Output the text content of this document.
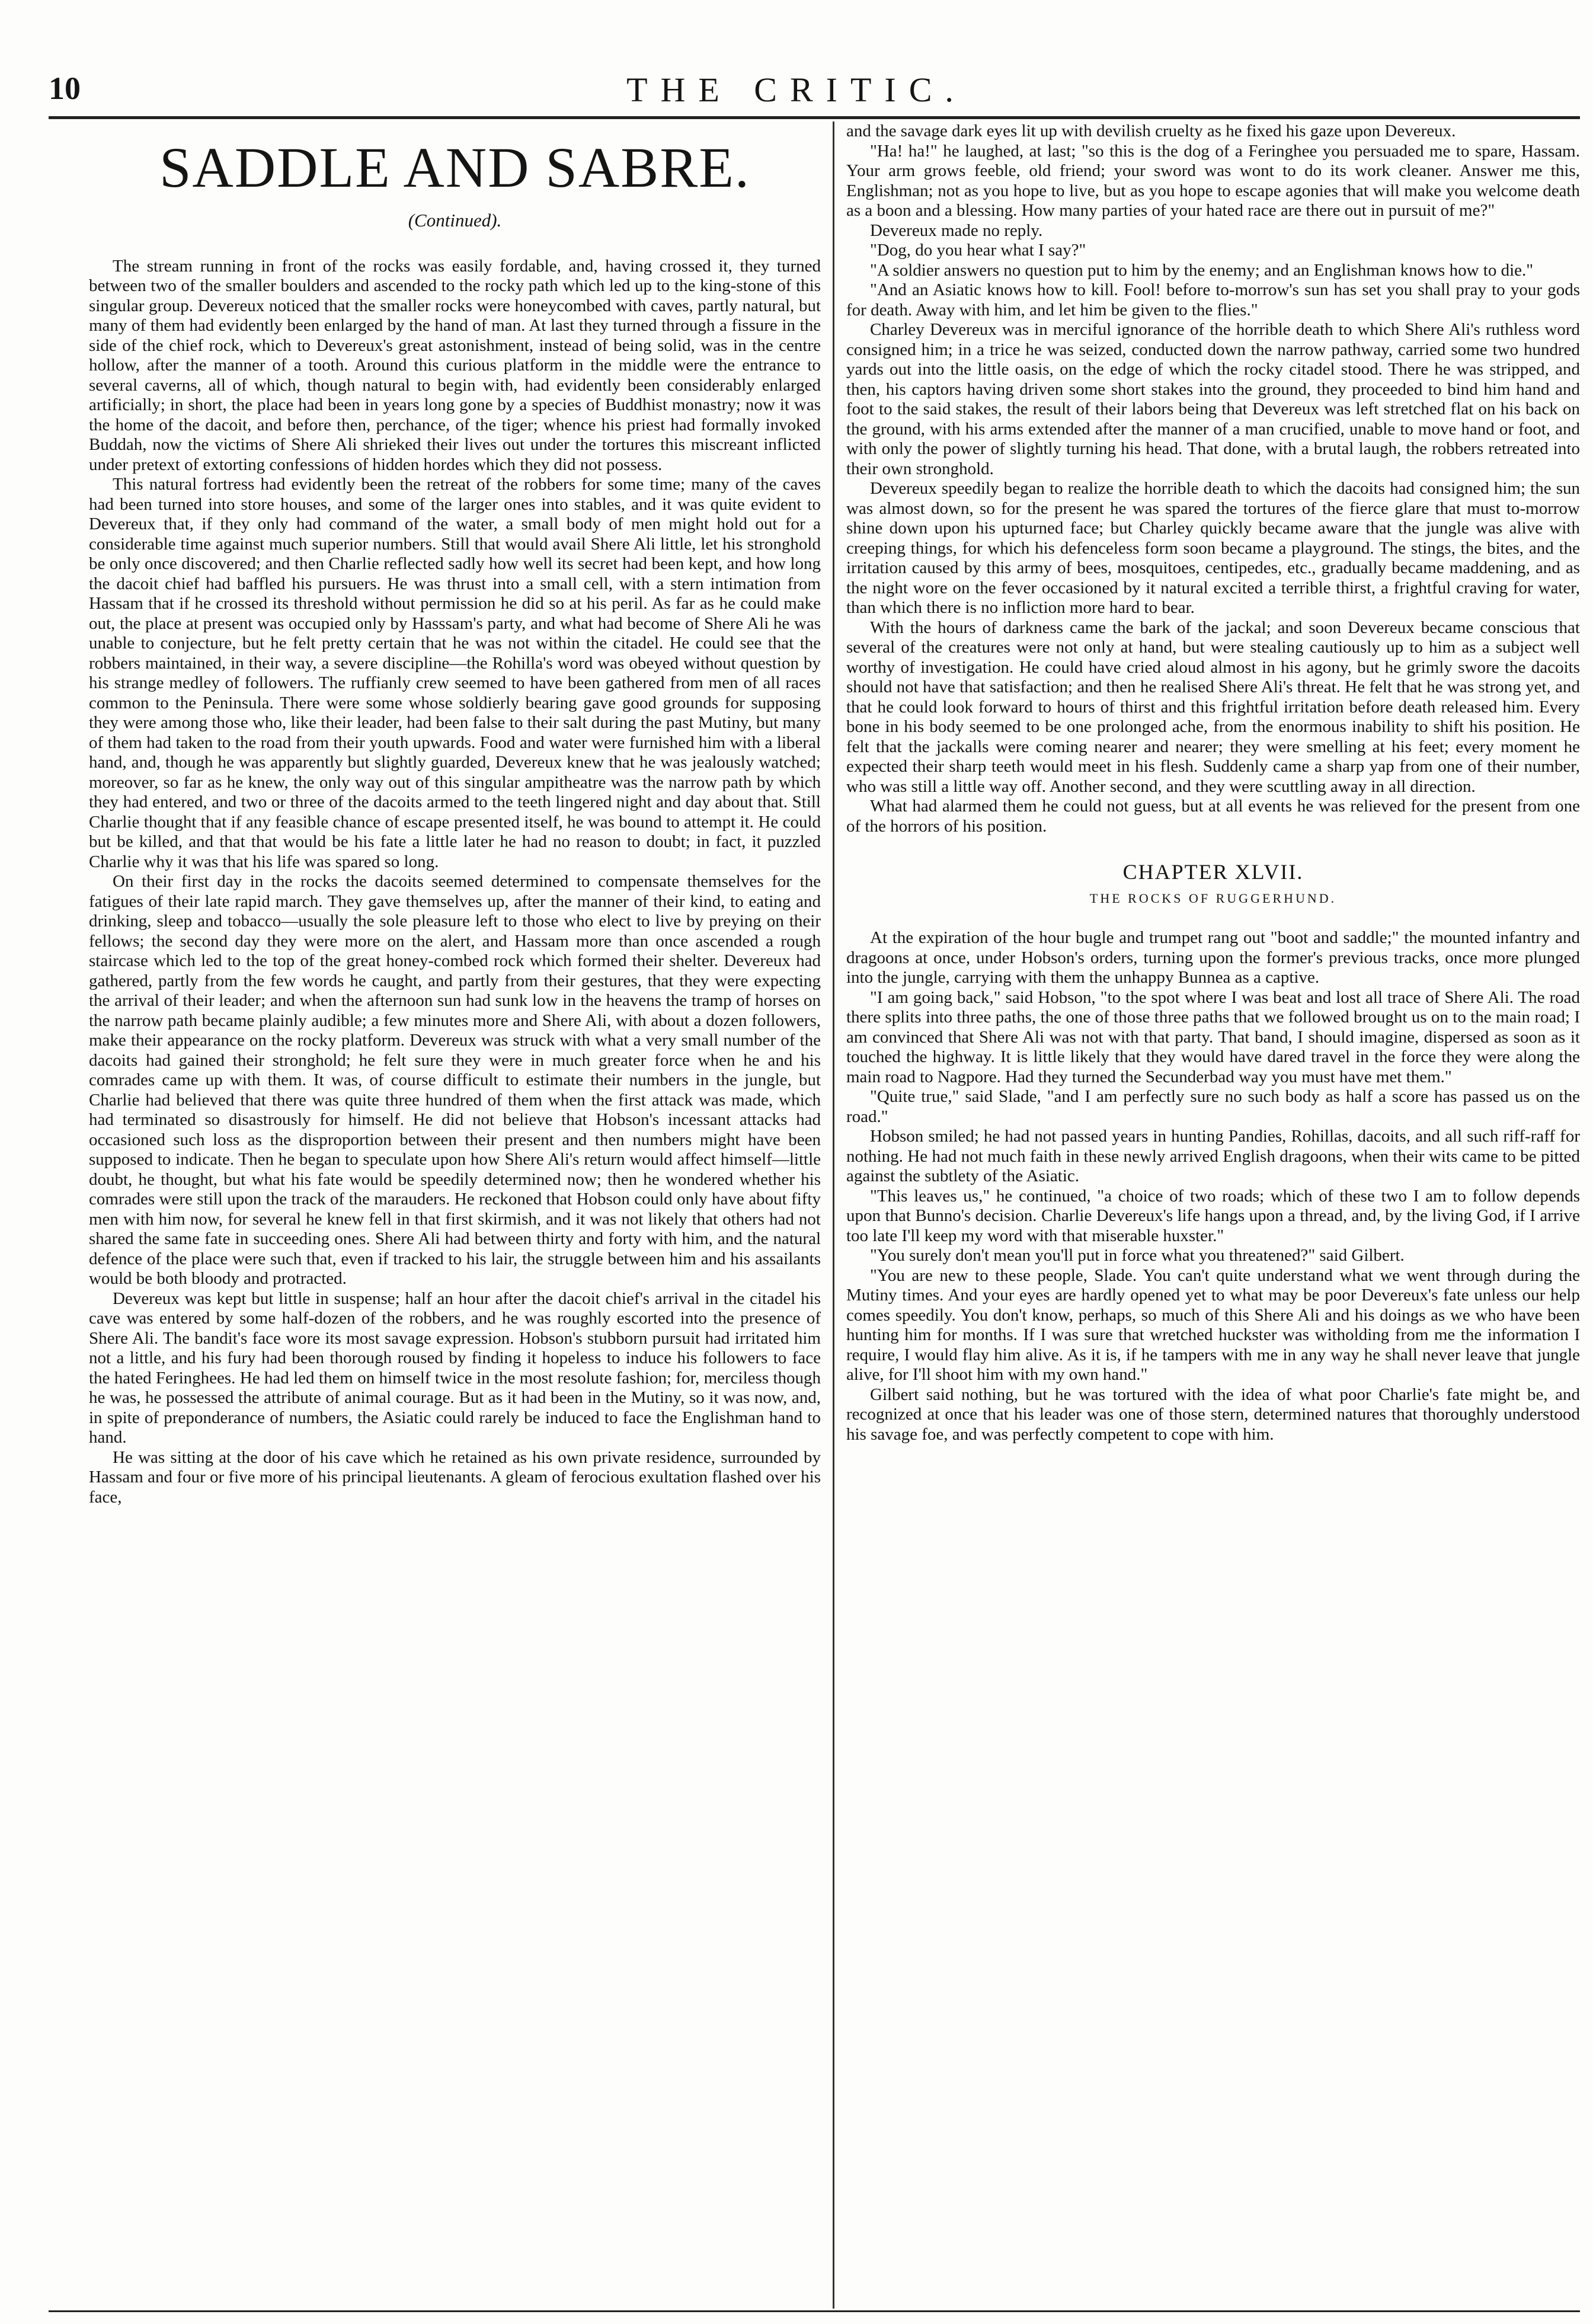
10	THE CRITIC.
SADDLE AND SABRE.
(Continued).

The stream running in front of the rocks was easily fordable, and, having crossed it, they turned between two of the smaller boulders and ascended to the rocky path which led up to the king-stone of this singular group. Devereux noticed that the smaller rocks were honeycombed with caves, partly natural, but many of them had evidently been enlarged by the hand of man. At last they turned through a fissure in the side of the chief rock, which to Devereux's great astonishment, instead of being solid, was in the centre hollow, after the manner of a tooth. Around this curious platform in the middle were the entrance to several caverns, all of which, though natural to begin with, had evidently been considerably enlarged artificially; in short, the place had been in years long gone by a species of Buddhist monastry; now it was the home of the dacoit, and before then, perchance, of the tiger; whence his priest had formally invoked Buddah, now the victims of Shere Ali shrieked their lives out under the tortures this miscreant inflicted under pretext of extorting confessions of hidden hordes which they did not possess.

This natural fortress had evidently been the retreat of the robbers for some time; many of the caves had been turned into store houses, and some of the larger ones into stables, and it was quite evident to Devereux that, if they only had command of the water, a small body of men might hold out for a considerable time against much superior numbers. Still that would avail Shere Ali little, let his stronghold be only once discovered; and then Charlie reflected sadly how well its secret had been kept, and how long the dacoit chief had baffled his pursuers. He was thrust into a small cell, with a stern intimation from Hassam that if he crossed its threshold without permission he did so at his peril. As far as he could make out, the place at present was occupied only by Hasssam's party, and what had become of Shere Ali he was unable to conjecture, but he felt pretty certain that he was not within the citadel. He could see that the robbers maintained, in their way, a severe discipline—the Rohilla's word was obeyed without question by his strange medley of followers. The ruffianly crew seemed to have been gathered from men of all races common to the Peninsula. There were some whose soldierly bearing gave good grounds for supposing they were among those who, like their leader, had been false to their salt during the past Mutiny, but many of them had taken to the road from their youth upwards. Food and water were furnished him with a liberal hand, and, though he was apparently but slightly guarded, Devereux knew that he was jealously watched; moreover, so far as he knew, the only way out of this singular ampitheatre was the narrow path by which they had entered, and two or three of the dacoits armed to the teeth lingered night and day about that. Still Charlie thought that if any feasible chance of escape presented itself, he was bound to attempt it. He could but be killed, and that that would be his fate a little later he had no reason to doubt; in fact, it puzzled Charlie why it was that his life was spared so long.

On their first day in the rocks the dacoits seemed determined to compensate themselves for the fatigues of their late rapid march. They gave themselves up, after the manner of their kind, to eating and drinking, sleep and tobacco—usually the sole pleasure left to those who elect to live by preying on their fellows; the second day they were more on the alert, and Hassam more than once ascended a rough staircase which led to the top of the great honey-combed rock which formed their shelter. Devereux had gathered, partly from the few words he caught, and partly from their gestures, that they were expecting the arrival of their leader; and when the afternoon sun had sunk low in the heavens the tramp of horses on the narrow path became plainly audible; a few minutes more and Shere Ali, with about a dozen followers, make their appearance on the rocky platform. Devereux was struck with what a very small number of the dacoits had gained their stronghold; he felt sure they were in much greater force when he and his comrades came up with them. It was, of course difficult to estimate their numbers in the jungle, but Charlie had believed that there was quite three hundred of them when the first attack was made, which had terminated so disastrously for himself. He did not believe that Hobson's incessant attacks had occasioned such loss as the disproportion between their present and then numbers might have been supposed to indicate. Then he began to speculate upon how Shere Ali's return would affect himself—little doubt, he thought, but what his fate would be speedily determined now; then he wondered whether his comrades were still upon the track of the marauders. He reckoned that Hobson could only have about fifty men with him now, for several he knew fell in that first skirmish, and it was not likely that others had not shared the same fate in succeeding ones. Shere Ali had between thirty and forty with him, and the natural defence of the place were such that, even if tracked to his lair, the struggle between him and his assailants would be both bloody and protracted.

Devereux was kept but little in suspense; half an hour after the dacoit chief's arrival in the citadel his cave was entered by some half-dozen of the robbers, and he was roughly escorted into the presence of Shere Ali. The bandit's face wore its most savage expression. Hobson's stubborn pursuit had irritated him not a little, and his fury had been thorough roused by finding it hopeless to induce his followers to face the hated Feringhees. He had led them on himself twice in the most resolute fashion; for, merciless though he was, he possessed the attribute of animal courage. But as it had been in the Mutiny, so it was now, and, in spite of preponderance of numbers, the Asiatic could rarely be induced to face the Englishman hand to hand.

He was sitting at the door of his cave which he retained as his own private residence, surrounded by Hassam and four or five more of his principal lieutenants. A gleam of ferocious exultation flashed over his face,

and the savage dark eyes lit up with devilish cruelty as he fixed his gaze upon Devereux.

"Ha! ha!" he laughed, at last; "so this is the dog of a Feringhee you persuaded me to spare, Hassam. Your arm grows feeble, old friend; your sword was wont to do its work cleaner. Answer me this, Englishman; not as you hope to live, but as you hope to escape agonies that will make you welcome death as a boon and a blessing. How many parties of your hated race are there out in pursuit of me?"

Devereux made no reply.

"Dog, do you hear what I say?"

"A soldier answers no question put to him by the enemy; and an Englishman knows how to die."

"And an Asiatic knows how to kill. Fool! before to-morrow's sun has set you shall pray to your gods for death. Away with him, and let him be given to the flies."

Charley Devereux was in merciful ignorance of the horrible death to which Shere Ali's ruthless word consigned him; in a trice he was seized, conducted down the narrow pathway, carried some two hundred yards out into the little oasis, on the edge of which the rocky citadel stood. There he was stripped, and then, his captors having driven some short stakes into the ground, they proceeded to bind him hand and foot to the said stakes, the result of their labors being that Devereux was left stretched flat on his back on the ground, with his arms extended after the manner of a man crucified, unable to move hand or foot, and with only the power of slightly turning his head. That done, with a brutal laugh, the robbers retreated into their own stronghold.

Devereux speedily began to realize the horrible death to which the dacoits had consigned him; the sun was almost down, so for the present he was spared the tortures of the fierce glare that must to-morrow shine down upon his upturned face; but Charley quickly became aware that the jungle was alive with creeping things, for which his defenceless form soon became a playground. The stings, the bites, and the irritation caused by this army of bees, mosquitoes, centipedes, etc., gradually became maddening, and as the night wore on the fever occasioned by it natural excited a terrible thirst, a frightful craving for water, than which there is no infliction more hard to bear.

With the hours of darkness came the bark of the jackal; and soon Devereux became conscious that several of the creatures were not only at hand, but were stealing cautiously up to him as a subject well worthy of investigation. He could have cried aloud almost in his agony, but he grimly swore the dacoits should not have that satisfaction; and then he realised Shere Ali's threat. He felt that he was strong yet, and that he could look forward to hours of thirst and this frightful irritation before death released him. Every bone in his body seemed to be one prolonged ache, from the enormous inability to shift his position. He felt that the jackalls were coming nearer and nearer; they were smelling at his feet; every moment he expected their sharp teeth would meet in his flesh. Suddenly came a sharp yap from one of their number, who was still a little way off. Another second, and they were scuttling away in all direction.

What had alarmed them he could not guess, but at all events he was relieved for the present from one of the horrors of his position.

CHAPTER XLVII.
THE ROCKS OF RUGGERHUND.

At the expiration of the hour bugle and trumpet rang out "boot and saddle;" the mounted infantry and dragoons at once, under Hobson's orders, turning upon the former's previous tracks, once more plunged into the jungle, carrying with them the unhappy Bunnea as a captive.

"I am going back," said Hobson, "to the spot where I was beat and lost all trace of Shere Ali. The road there splits into three paths, the one of those three paths that we followed brought us on to the main road; I am convinced that Shere Ali was not with that party. That band, I should imagine, dispersed as soon as it touched the highway. It is little likely that they would have dared travel in the force they were along the main road to Nagpore. Had they turned the Secunderbad way you must have met them."

"Quite true," said Slade, "and I am perfectly sure no such body as half a score has passed us on the road."

Hobson smiled; he had not passed years in hunting Pandies, Rohillas, dacoits, and all such riff-raff for nothing. He had not much faith in these newly arrived English dragoons, when their wits came to be pitted against the subtlety of the Asiatic.

"This leaves us," he continued, "a choice of two roads; which of these two I am to follow depends upon that Bunno's decision. Charlie Devereux's life hangs upon a thread, and, by the living God, if I arrive too late I'll keep my word with that miserable huxster."

"You surely don't mean you'll put in force what you threatened?" said Gilbert.

"You are new to these people, Slade. You can't quite understand what we went through during the Mutiny times. And your eyes are hardly opened yet to what may be poor Devereux's fate unless our help comes speedily. You don't know, perhaps, so much of this Shere Ali and his doings as we who have been hunting him for months. If I was sure that wretched huckster was witholding from me the information I require, I would flay him alive. As it is, if he tampers with me in any way he shall never leave that jungle alive, for I'll shoot him with my own hand."

Gilbert said nothing, but he was tortured with the idea of what poor Charlie's fate might be, and recognized at once that his leader was one of those stern, determined natures that thoroughly understood his savage foe, and was perfectly competent to cope with him.
